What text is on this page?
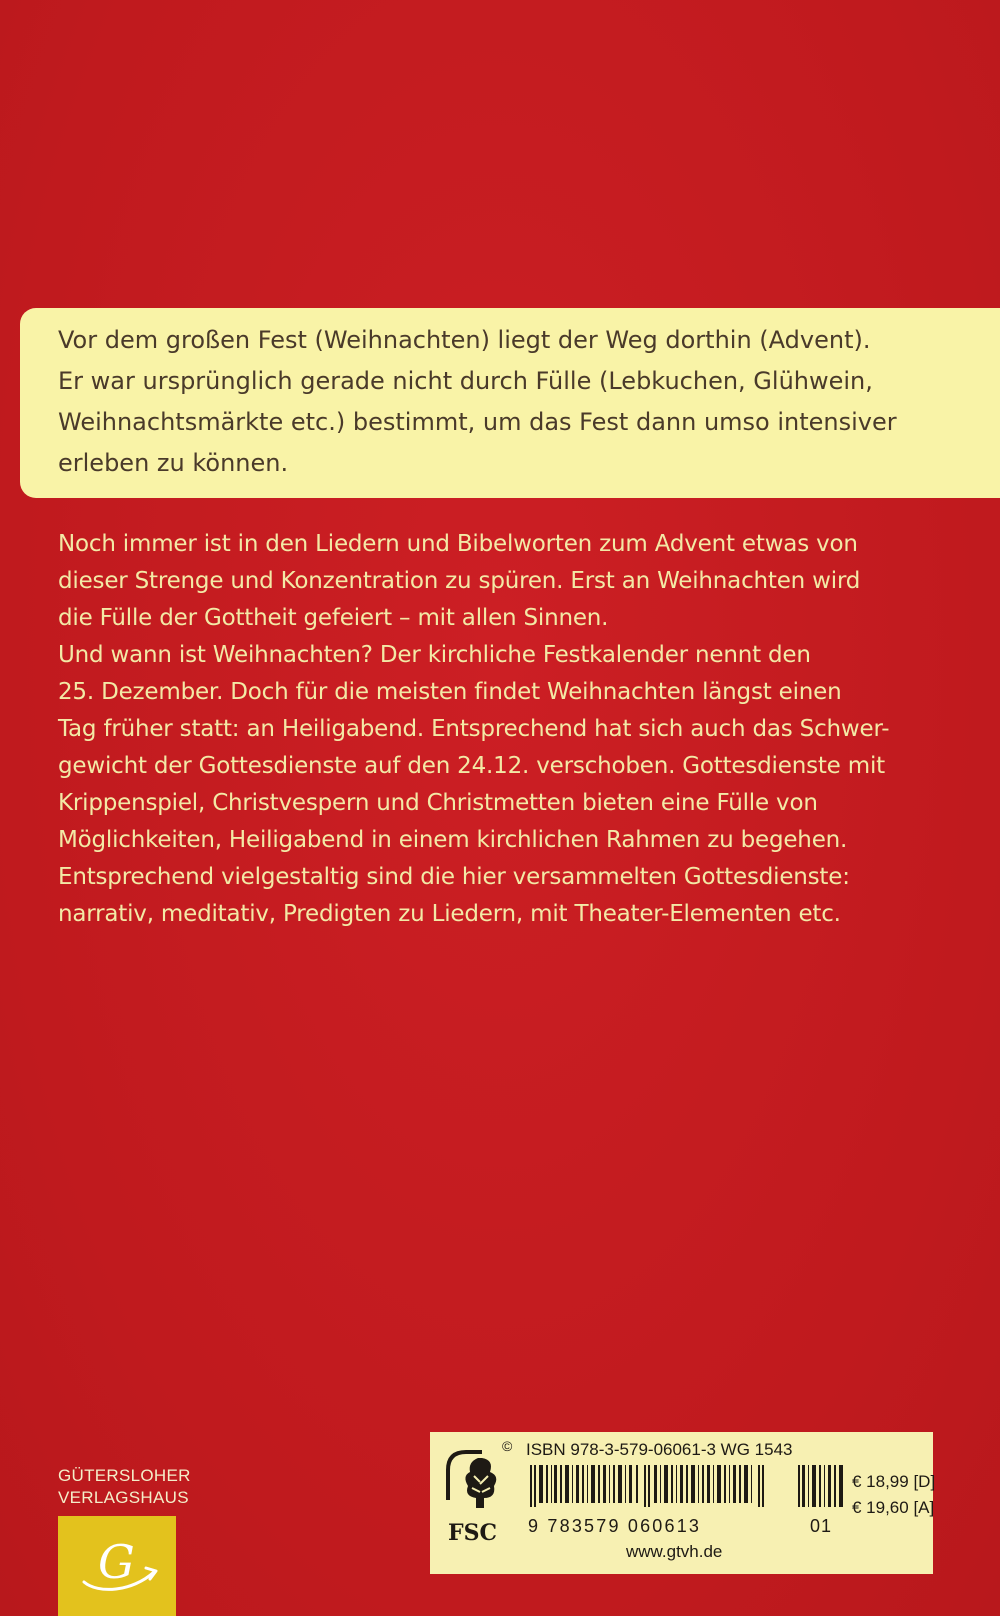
Vor dem großen Fest (Weihnachten) liegt der Weg dorthin (Advent).
Er war ursprünglich gerade nicht durch Fülle (Lebkuchen, Glühwein,
Weihnachtsmärkte etc.) bestimmt, um das Fest dann umso intensiver
erleben zu können.
Noch immer ist in den Liedern und Bibelworten zum Advent etwas von
dieser Strenge und Konzentration zu spüren. Erst an Weihnachten wird
die Fülle der Gottheit gefeiert – mit allen Sinnen.
Und wann ist Weihnachten? Der kirchliche Festkalender nennt den
25. Dezember. Doch für die meisten findet Weihnachten längst einen
Tag früher statt: an Heiligabend. Entsprechend hat sich auch das Schwer-
gewicht der Gottesdienste auf den 24.12. verschoben. Gottesdienste mit
Krippenspiel, Christvespern und Christmetten bieten eine Fülle von
Möglichkeiten, Heiligabend in einem kirchlichen Rahmen zu begehen.
Entsprechend vielgestaltig sind die hier versammelten Gottesdienste:
narrativ, meditativ, Predigten zu Liedern, mit Theater-Elementen etc.
GÜTERSLOHER
VERLAGSHAUS
G
FSC
© ISBN 978-3-579-06061-3 WG 1543
9 783579 060613	01
€ 18,99 [D]
€ 19,60 [A]
www.gtvh.de
